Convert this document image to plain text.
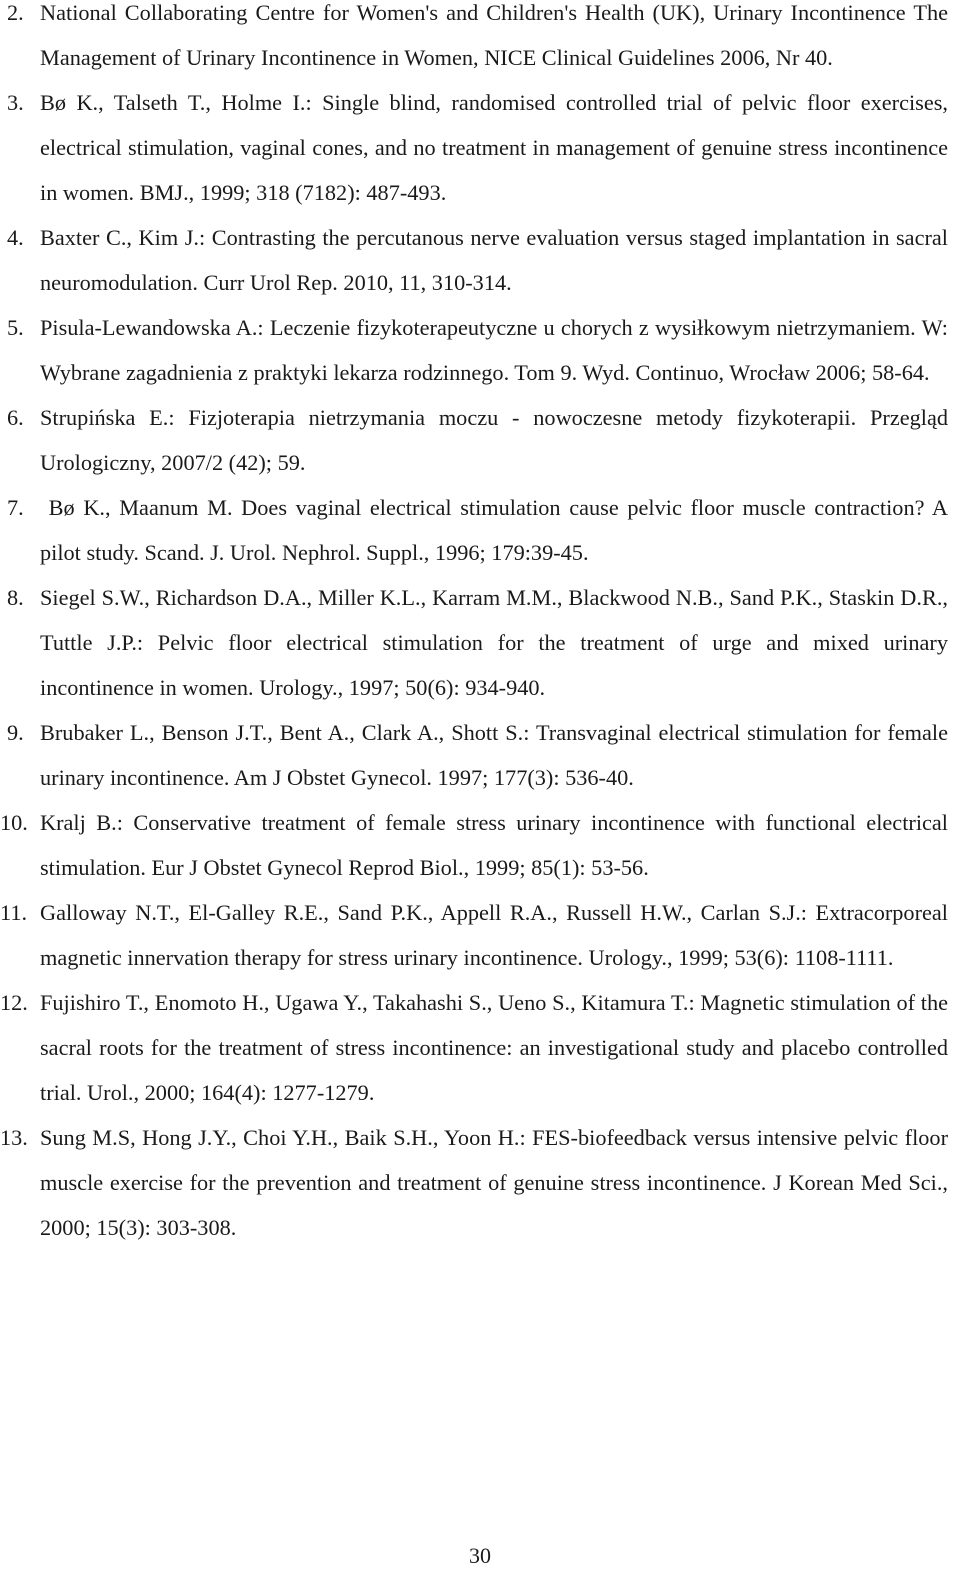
2. National Collaborating Centre for Women's and Children's Health (UK), Urinary Incontinence The Management of Urinary Incontinence in Women, NICE Clinical Guidelines 2006, Nr 40.
3. Bø K., Talseth T., Holme I.: Single blind, randomised controlled trial of pelvic floor exercises, electrical stimulation, vaginal cones, and no treatment in management of genuine stress incontinence in women. BMJ., 1999; 318 (7182): 487-493.
4. Baxter C., Kim J.: Contrasting the percutanous nerve evaluation versus staged implantation in sacral neuromodulation. Curr Urol Rep. 2010, 11, 310-314.
5. Pisula-Lewandowska A.: Leczenie fizykoterapeutyczne u chorych z wysiłkowym nietrzymaniem. W: Wybrane zagadnienia z praktyki lekarza rodzinnego. Tom 9. Wyd. Continuo, Wrocław 2006; 58-64.
6. Strupińska E.: Fizjoterapia nietrzymania moczu - nowoczesne metody fizykoterapii. Przegląd Urologiczny, 2007/2 (42); 59.
7. Bø K., Maanum M. Does vaginal electrical stimulation cause pelvic floor muscle contraction? A pilot study. Scand. J. Urol. Nephrol. Suppl., 1996; 179:39-45.
8. Siegel S.W., Richardson D.A., Miller K.L., Karram M.M., Blackwood N.B., Sand P.K., Staskin D.R., Tuttle J.P.: Pelvic floor electrical stimulation for the treatment of urge and mixed urinary incontinence in women. Urology., 1997; 50(6): 934-940.
9. Brubaker L., Benson J.T., Bent A., Clark A., Shott S.: Transvaginal electrical stimulation for female urinary incontinence. Am J Obstet Gynecol. 1997; 177(3): 536-40.
10. Kralj B.: Conservative treatment of female stress urinary incontinence with functional electrical stimulation. Eur J Obstet Gynecol Reprod Biol., 1999; 85(1): 53-56.
11. Galloway N.T., El-Galley R.E., Sand P.K., Appell R.A., Russell H.W., Carlan S.J.: Extracorporeal magnetic innervation therapy for stress urinary incontinence. Urology., 1999; 53(6): 1108-1111.
12. Fujishiro T., Enomoto H., Ugawa Y., Takahashi S., Ueno S., Kitamura T.: Magnetic stimulation of the sacral roots for the treatment of stress incontinence: an investigational study and placebo controlled trial. Urol., 2000; 164(4): 1277-1279.
13. Sung M.S, Hong J.Y., Choi Y.H., Baik S.H., Yoon H.: FES-biofeedback versus intensive pelvic floor muscle exercise for the prevention and treatment of genuine stress incontinence. J Korean Med Sci., 2000; 15(3): 303-308.
30
